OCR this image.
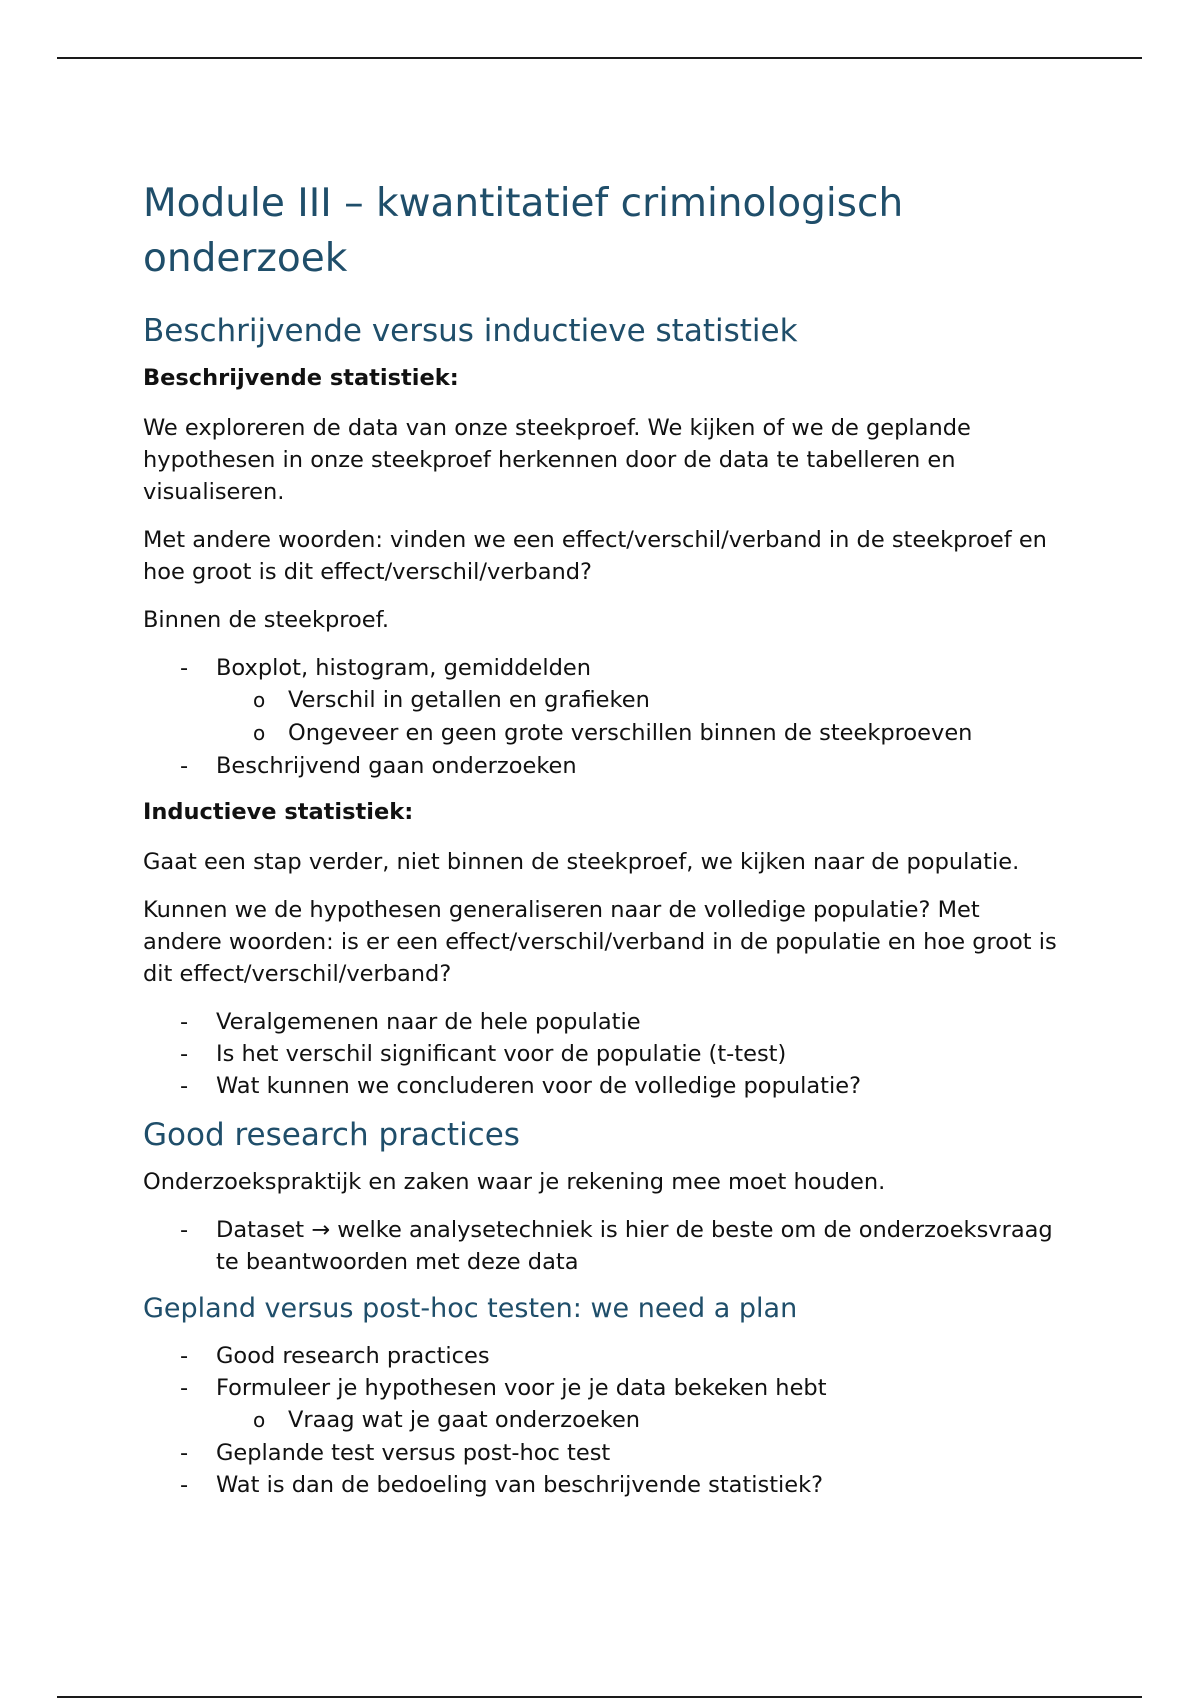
Module III – kwantitatief criminologisch onderzoek
Beschrijvende versus inductieve statistiek

Beschrijvende statistiek:

We exploreren de data van onze steekproef. We kijken of we de geplande hypothesen in onze steekproef herkennen door de data te tabelleren en visualiseren.

Met andere woorden: vinden we een effect/verschil/verband in de steekproef en hoe groot is dit effect/verschil/verband?

Binnen de steekproef.

- Boxplot, histogram, gemiddelden
o Verschil in getallen en grafieken
o Ongeveer en geen grote verschillen binnen de steekproeven
- Beschrijvend gaan onderzoeken

Inductieve statistiek:

Gaat een stap verder, niet binnen de steekproef, we kijken naar de populatie.

Kunnen we de hypothesen generaliseren naar de volledige populatie? Met andere woorden: is er een effect/verschil/verband in de populatie en hoe groot is dit effect/verschil/verband?

- Veralgemenen naar de hele populatie
- Is het verschil significant voor de populatie (t-test)
- Wat kunnen we concluderen voor de volledige populatie?
Good research practices

Onderzoekspraktijk en zaken waar je rekening mee moet houden.

- Dataset → welke analysetechniek is hier de beste om de onderzoeksvraag te beantwoorden met deze data
Gepland versus post-hoc testen: we need a plan
- Good research practices
- Formuleer je hypothesen voor je je data bekeken hebt
o Vraag wat je gaat onderzoeken
- Geplande test versus post-hoc test
- Wat is dan de bedoeling van beschrijvende statistiek?
